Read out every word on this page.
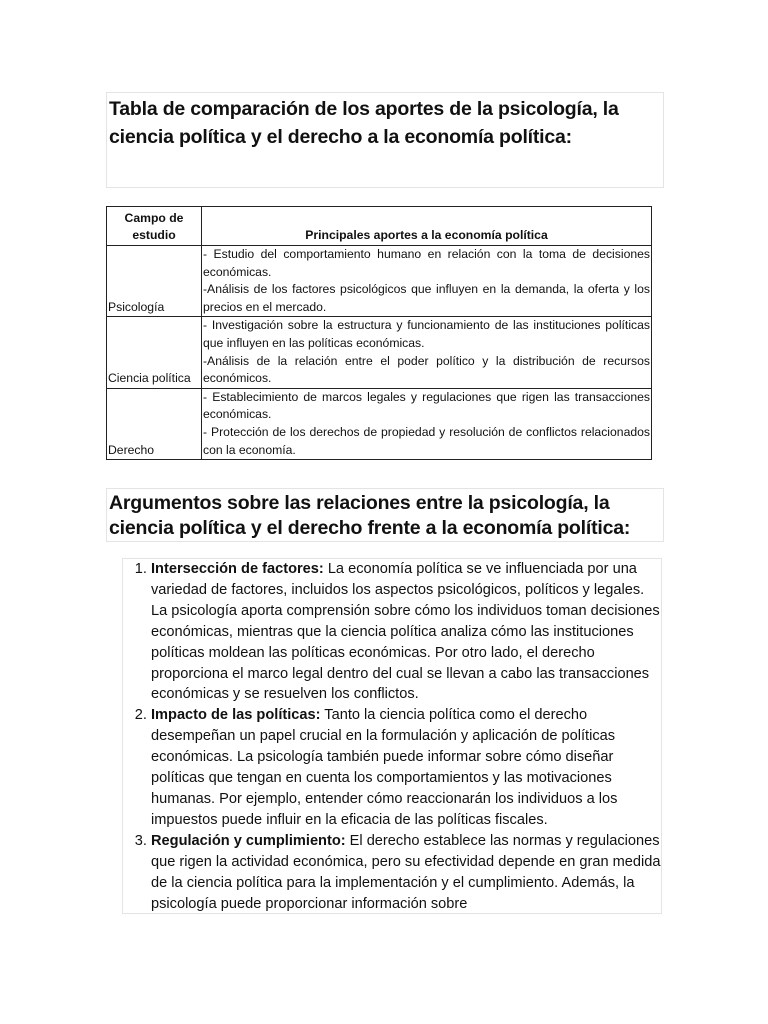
Tabla de comparación de los aportes de la psicología, la ciencia política y el derecho a la economía política:
Campo de estudio	Principales aportes a la economía política
Psicología	- Estudio del comportamiento humano en relación con la toma de decisiones económicas.
-Análisis de los factores psicológicos que influyen en la demanda, la oferta y los precios en el mercado.

Ciencia política	- Investigación sobre la estructura y funcionamiento de las instituciones políticas que influyen en las políticas económicas.
-Análisis de la relación entre el poder político y la distribución de recursos económicos.

Derecho	- Establecimiento de marcos legales y regulaciones que rigen las transacciones económicas.
- Protección de los derechos de propiedad y resolución de conflictos relacionados con la economía.
Argumentos sobre las relaciones entre la psicología, la ciencia política y el derecho frente a la economía política:
1. Intersección de factores: La economía política se ve influenciada por una variedad de factores, incluidos los aspectos psicológicos, políticos y legales. La psicología aporta comprensión sobre cómo los individuos toman decisiones económicas, mientras que la ciencia política analiza cómo las instituciones políticas moldean las políticas económicas. Por otro lado, el derecho proporciona el marco legal dentro del cual se llevan a cabo las transacciones económicas y se resuelven los conflictos.
2. Impacto de las políticas: Tanto la ciencia política como el derecho desempeñan un papel crucial en la formulación y aplicación de políticas económicas. La psicología también puede informar sobre cómo diseñar políticas que tengan en cuenta los comportamientos y las motivaciones humanas. Por ejemplo, entender cómo reaccionarán los individuos a los impuestos puede influir en la eficacia de las políticas fiscales.
3. Regulación y cumplimiento: El derecho establece las normas y regulaciones que rigen la actividad económica, pero su efectividad depende en gran medida de la ciencia política para la implementación y el cumplimiento. Además, la psicología puede proporcionar información sobre
